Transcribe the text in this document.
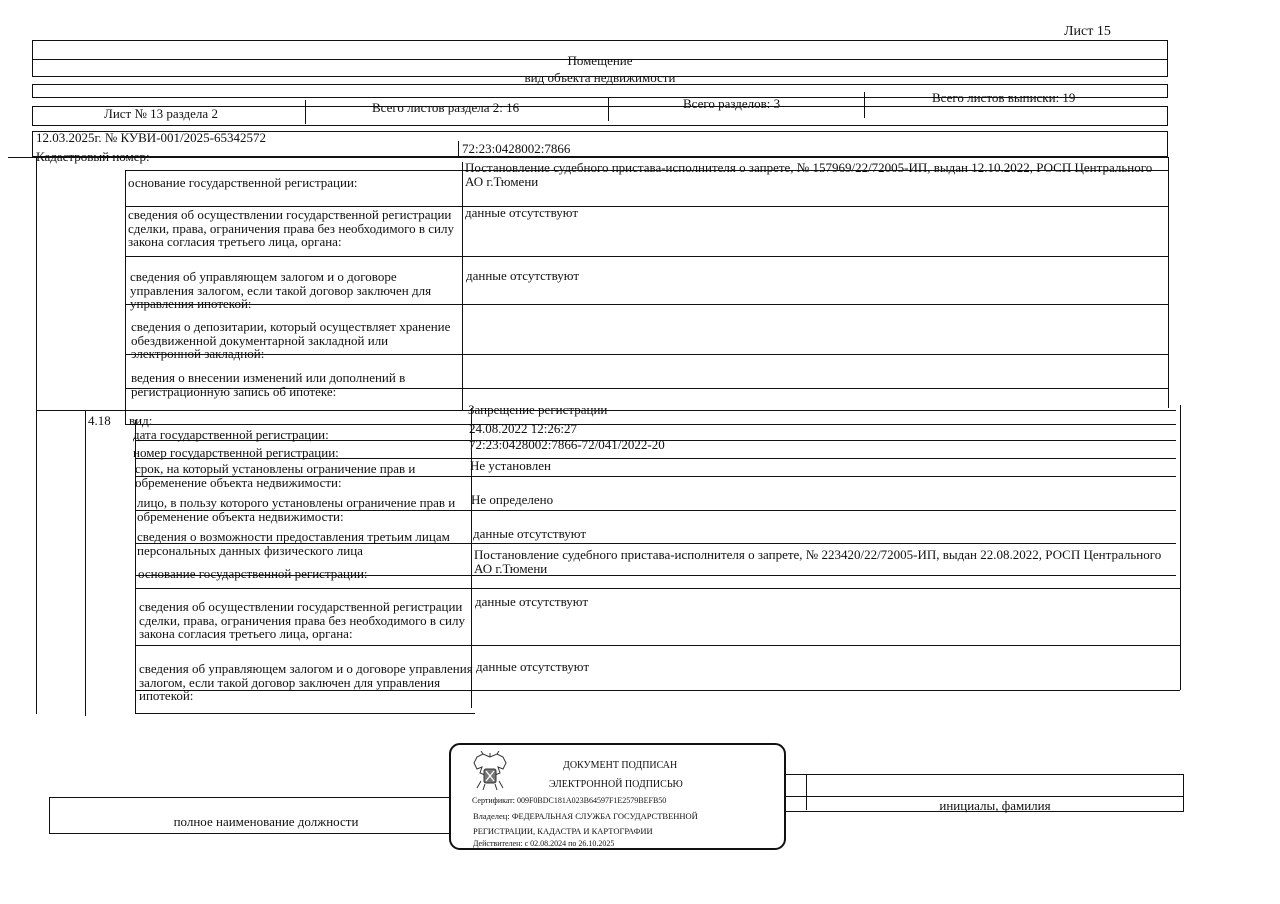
Лист 15
Помещение
вид объекта недвижимости
Лист № 13 раздела 2	Всего листов раздела 2: 16	Всего разделов: 3	Всего листов выписки: 19
12.03.2025г. № КУВИ-001/2025-65342572
Кадастровый номер:
72:23:0428002:7866
основание государственной регистрации:
Постановление судебного пристава-исполнителя о запрете, № 157969/22/72005-ИП, выдан 12.10.2022, РОСП Центрального АО г.Тюмени
сведения об осуществлении государственной регистрации сделки, права, ограничения права без необходимого в силу закона согласия третьего лица, органа:
данные отсутствуют
сведения об управляющем залогом и о договоре управления залогом, если такой договор заключен для управления ипотекой:
данные отсутствуют
сведения о депозитарии, который осуществляет хранение обездвиженной документарной закладной или электронной закладной:
ведения о внесении изменений или дополнений в регистрационную запись об ипотеке:
4.18 вид:
Запрещение регистрации
дата государственной регистрации:	24.08.2022 12:26:27
номер государственной регистрации:
72:23:0428002:7866-72/041/2022-20
срок, на который установлены ограничение прав и обременение объекта недвижимости:
Не установлен
лицо, в пользу которого установлены ограничение прав и обременение объекта недвижимости:
Не определено
сведения о возможности предоставления третьим лицам персональных данных физического лица
данные отсутствуют
основание государственной регистрации:
Постановление судебного пристава-исполнителя о запрете, № 223420/22/72005-ИП, выдан 22.08.2022, РОСП Центрального АО г.Тюмени
сведения об осуществлении государственной регистрации сделки, права, ограничения права без необходимого в силу закона согласия третьего лица, органа:
данные отсутствуют
сведения об управляющем залогом и о договоре управления залогом, если такой договор заключен для управления ипотекой:
данные отсутствуют
полное наименование должности
инициалы, фамилия
ДОКУМЕНТ ПОДПИСАН
ЭЛЕКТРОННОЙ ПОДПИСЬЮ
Сертификат: 009F0BDC181A023B64597F1E2579BEFB50
Владелец: ФЕДЕРАЛЬНАЯ СЛУЖБА ГОСУДАРСТВЕННОЙ
РЕГИСТРАЦИИ, КАДАСТРА И КАРТОГРАФИИ
Действителен: с 02.08.2024 по 26.10.2025
